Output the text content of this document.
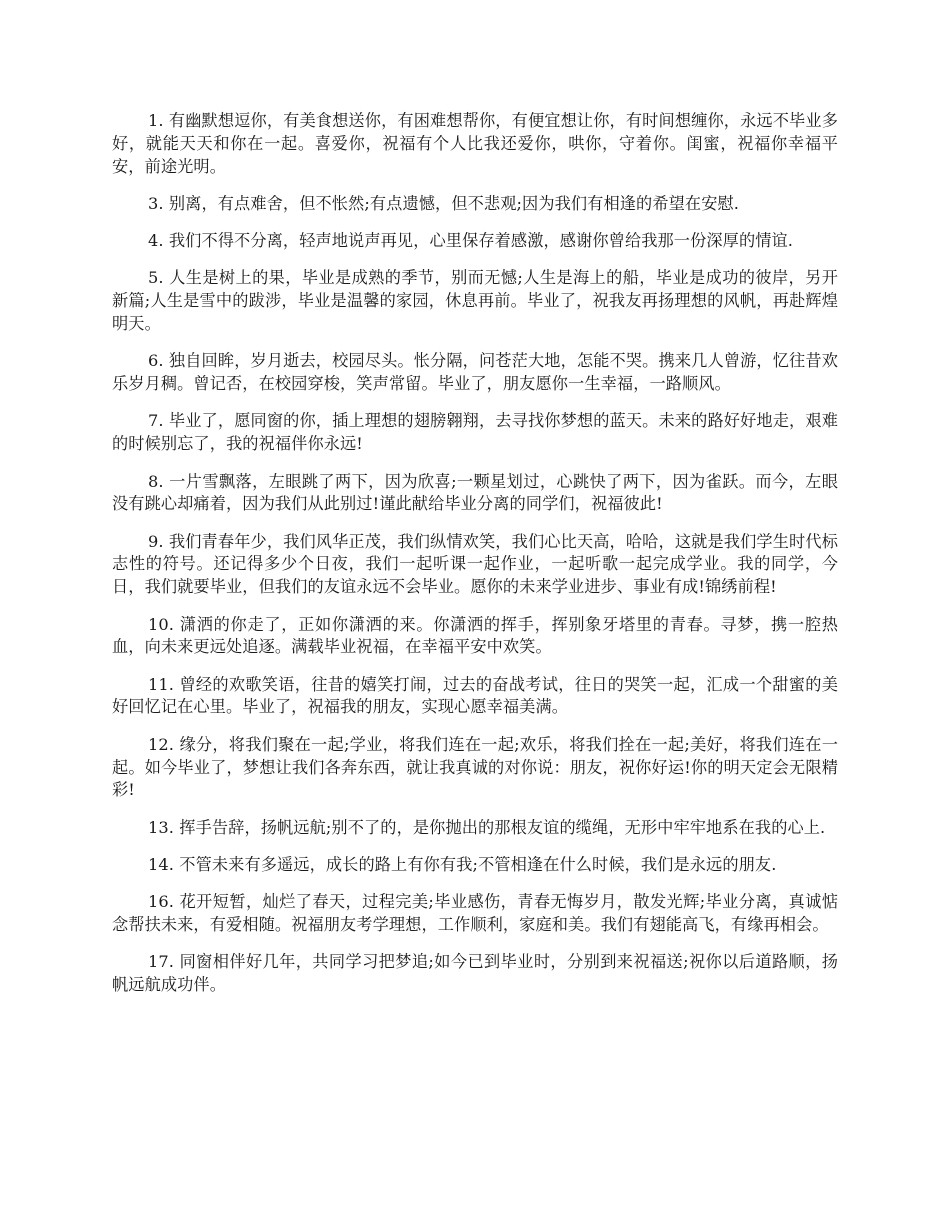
1. 有幽默想逗你，有美食想送你，有困难想帮你，有便宜想让你，有时间想缠你，永远不毕业多好，就能天天和你在一起。喜爱你，祝福有个人比我还爱你，哄你，守着你。闺蜜，祝福你幸福平安，前途光明。

3. 别离，有点难舍，但不怅然;有点遗憾，但不悲观;因为我们有相逢的希望在安慰.

4. 我们不得不分离，轻声地说声再见，心里保存着感激，感谢你曾给我那一份深厚的情谊.

5. 人生是树上的果，毕业是成熟的季节，别而无憾;人生是海上的船，毕业是成功的彼岸，另开新篇;人生是雪中的跋涉，毕业是温馨的家园，休息再前。毕业了，祝我友再扬理想的风帆，再赴辉煌明天。

6. 独自回眸，岁月逝去，校园尽头。怅分隔，问苍茫大地，怎能不哭。携来几人曾游，忆往昔欢乐岁月稠。曾记否，在校园穿梭，笑声常留。毕业了，朋友愿你一生幸福，一路顺风。

7. 毕业了，愿同窗的你，插上理想的翅膀翱翔，去寻找你梦想的蓝天。未来的路好好地走，艰难的时候别忘了，我的祝福伴你永远!

8. 一片雪飘落，左眼跳了两下，因为欣喜;一颗星划过，心跳快了两下，因为雀跃。而今，左眼没有跳心却痛着，因为我们从此别过!谨此献给毕业分离的同学们，祝福彼此!

9. 我们青春年少，我们风华正茂，我们纵情欢笑，我们心比天高，哈哈，这就是我们学生时代标志性的符号。还记得多少个日夜，我们一起听课一起作业，一起听歌一起完成学业。我的同学，今日，我们就要毕业，但我们的友谊永远不会毕业。愿你的未来学业进步、事业有成!锦绣前程!

10. 潇洒的你走了，正如你潇洒的来。你潇洒的挥手，挥别象牙塔里的青春。寻梦，携一腔热血，向未来更远处追逐。满载毕业祝福，在幸福平安中欢笑。

11. 曾经的欢歌笑语，往昔的嬉笑打闹，过去的奋战考试，往日的哭笑一起，汇成一个甜蜜的美好回忆记在心里。毕业了，祝福我的朋友，实现心愿幸福美满。

12. 缘分，将我们聚在一起;学业，将我们连在一起;欢乐，将我们拴在一起;美好，将我们连在一起。如今毕业了，梦想让我们各奔东西，就让我真诚的对你说：朋友，祝你好运!你的明天定会无限精彩!

13. 挥手告辞，扬帆远航;别不了的，是你抛出的那根友谊的缆绳，无形中牢牢地系在我的心上.

14. 不管未来有多遥远，成长的路上有你有我;不管相逢在什么时候，我们是永远的朋友.

16. 花开短暂，灿烂了春天，过程完美;毕业感伤，青春无悔岁月，散发光辉;毕业分离，真诚惦念帮扶未来，有爱相随。祝福朋友考学理想，工作顺利，家庭和美。我们有翅能高飞，有缘再相会。

17. 同窗相伴好几年，共同学习把梦追;如今已到毕业时，分别到来祝福送;祝你以后道路顺，扬帆远航成功伴。
